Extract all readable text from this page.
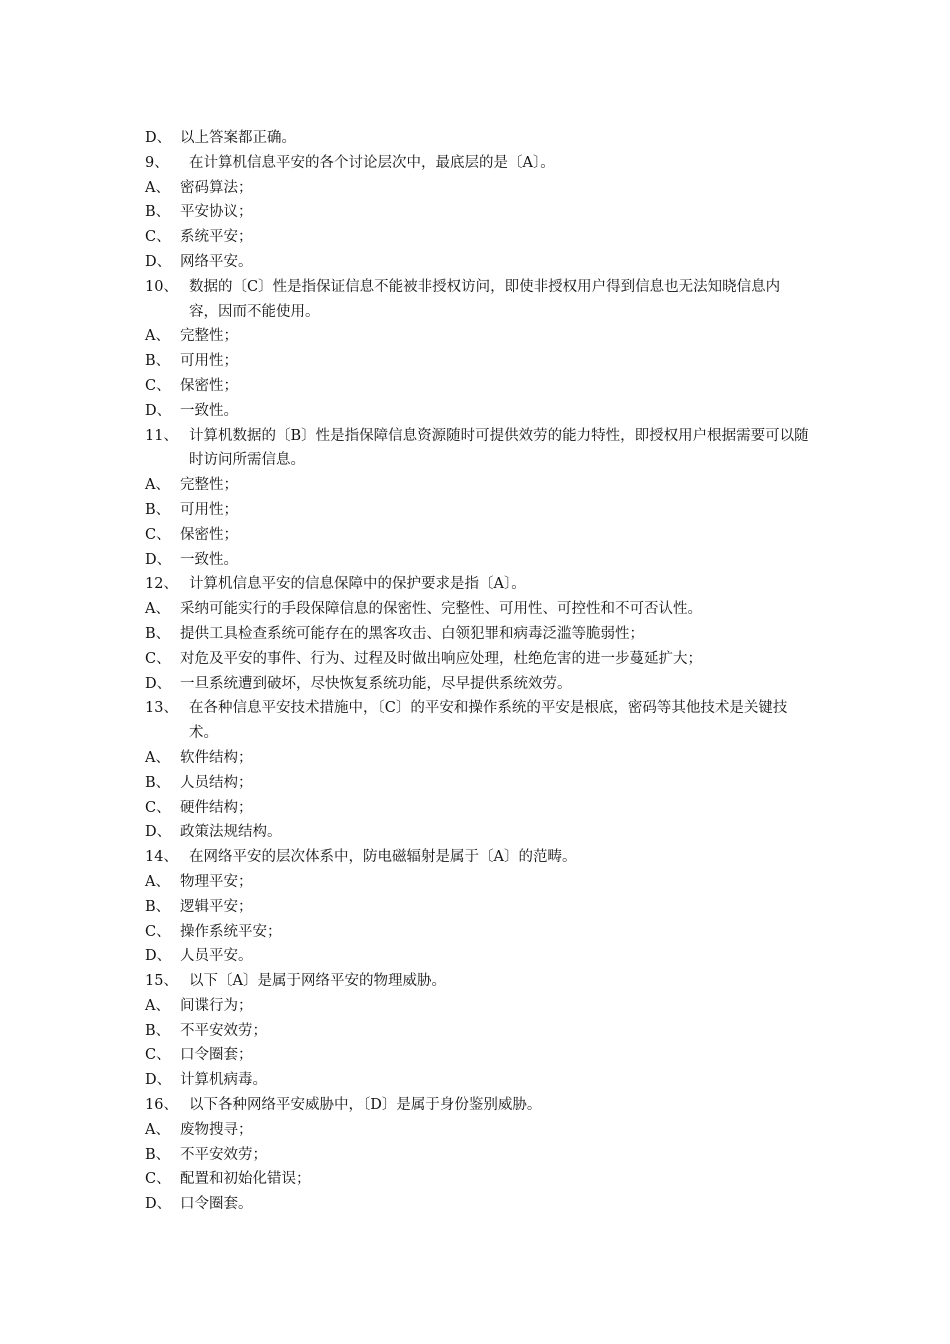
D、 以上答案都正确。
9、	在计算机信息平安的各个讨论层次中，最底层的是〔A〕。
A、 密码算法；
B、 平安协议；
C、 系统平安；
D、 网络平安。
10、 数据的〔C〕性是指保证信息不能被非授权访问，即使非授权用户得到信息也无法知晓信息内容，因而不能使用。
A、 完整性；
B、 可用性；
C、 保密性；
D、 一致性。
11、 计算机数据的〔B〕性是指保障信息资源随时可提供效劳的能力特性，即授权用户根据需要可以随时访问所需信息。
A、 完整性；
B、 可用性；
C、 保密性；
D、 一致性。
12、 计算机信息平安的信息保障中的保护要求是指〔A〕。
A、 采纳可能实行的手段保障信息的保密性、完整性、可用性、可控性和不可否认性。
B、 提供工具检查系统可能存在的黑客攻击、白领犯罪和病毒泛滥等脆弱性；
C、 对危及平安的事件、行为、过程及时做出响应处理，杜绝危害的进一步蔓延扩大；
D、 一旦系统遭到破坏，尽快恢复系统功能，尽早提供系统效劳。
13、 在各种信息平安技术措施中，〔C〕的平安和操作系统的平安是根底，密码等其他技术是关键技术。
A、 软件结构；
B、 人员结构；
C、 硬件结构；
D、 政策法规结构。
14、 在网络平安的层次体系中，防电磁辐射是属于〔A〕的范畴。
A、 物理平安；
B、 逻辑平安；
C、 操作系统平安；
D、 人员平安。
15、 以下〔A〕是属于网络平安的物理威胁。
A、 间谍行为；
B、 不平安效劳；
C、 口令圈套；
D、 计算机病毒。
16、 以下各种网络平安威胁中，〔D〕是属于身份鉴别威胁。
A、 废物搜寻；
B、 不平安效劳；
C、 配置和初始化错误；
D、 口令圈套。
